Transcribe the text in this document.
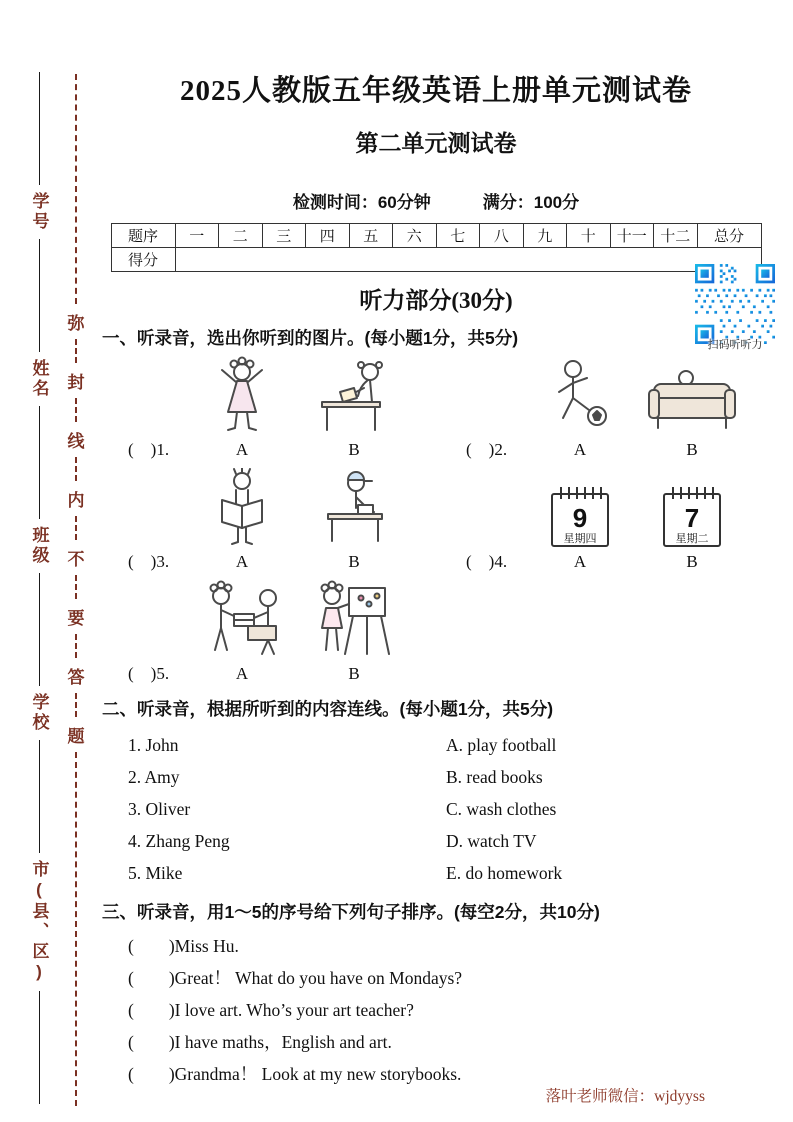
学号
姓名
班级
学校
市(县、区)
弥
封
线
内
不
要
答
题
2025人教版五年级英语上册单元测试卷
第二单元测试卷
检测时间：60分钟	满分：100分
题序	一	二	三	四	五	六	七	八	九	十	十一	十二	总分
得分													
听力部分(30分)
一、听录音，选出你听到的图片。(每小题1分，共5分)
(　)1.	A	B	(　)2.	A	B
(　)3.	A	B
9
星期四
7
星期二
(　)4.	A	B
(　)5.	A	B
二、听录音，根据所听到的内容连线。(每小题1分，共5分)
1. John	A. play football
2. Amy	B. read books
3. Oliver	C. wash clothes
4. Zhang Peng	D. watch TV
5. Mike	E. do homework
三、听录音，用1～5的序号给下列句子排序。(每空2分，共10分)
(　　)Miss Hu.
(　　)Great！ What do you have on Mondays?
(　　)I love art. Who’s your art teacher?
(　　)I have maths，English and art.
(　　)Grandma！ Look at my new storybooks.
扫码听听力
落叶老师微信：wjdyyss
